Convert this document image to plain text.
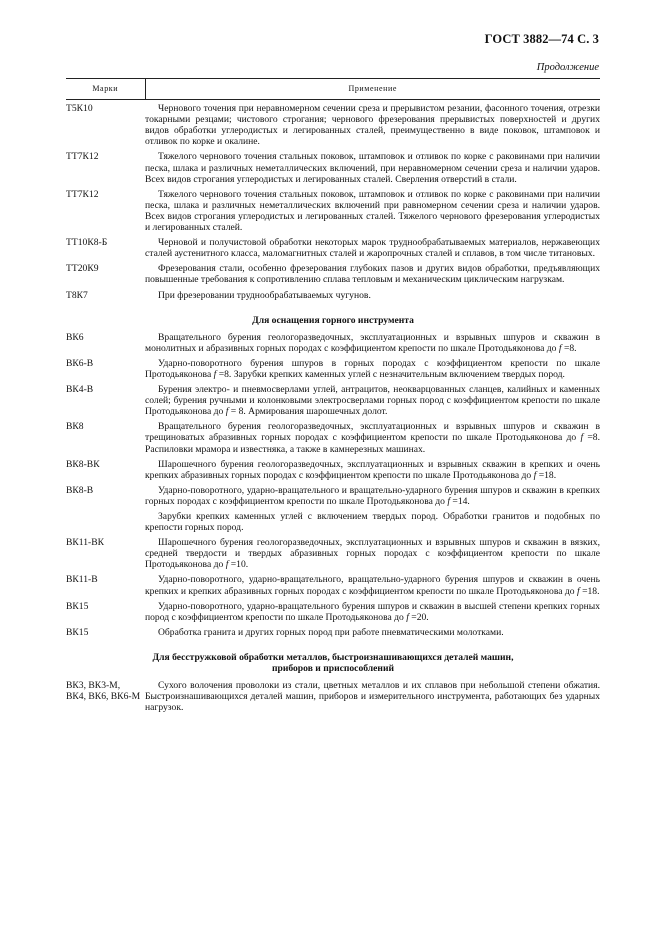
ГОСТ 3882—74 С. 3
Продолжение
Марки	Применение
Т5К10	Чернового точения при неравномерном сечении среза и прерывистом резании, фасонного точения, отрезки токарными резцами; чистового строгания; чернового фрезерования прерывистых поверхностей и других видов обработки углеродистых и легированных сталей, преимущественно в виде поковок, штамповок и отливок по корке и окалине.

ТТ7К12	Тяжелого чернового точения стальных поковок, штамповок и отливок по корке с раковинами при наличии песка, шлака и различных неметаллических включений, при неравномерном сечении среза и наличии ударов. Всех видов строгания углеродистых и легированных сталей. Сверления отверстий в стали.

ТТ7К12	Тяжелого чернового точения стальных поковок, штамповок и отливок по корке с раковинами при наличии песка, шлака и различных неметаллических включений при равномерном сечении среза и наличии ударов. Всех видов строгания углеродистых и легированных сталей. Тяжелого чернового фрезерования углеродистых и легированных сталей.

ТТ10К8-Б	Черновой и получистовой обработки некоторых марок труднообрабатываемых материалов, нержавеющих сталей аустенитного класса, маломагнитных сталей и жаропрочных сталей и сплавов, в том числе титановых.

ТТ20К9	Фрезерования стали, особенно фрезерования глубоких пазов и других видов обработки, предъявляющих повышенные требования к сопротивлению сплава тепловым и механическим циклическим нагрузкам.

Т8К7	При фрезеровании труднообрабатываемых чугунов.

Для оснащения горного инструмента	

ВК6	Вращательного бурения геологоразведочных, эксплуатационных и взрывных шпуров и скважин в монолитных и абразивных горных породах с коэффициентом крепости по шкале Протодьяконова до f =8.

ВК6-В	Ударно-поворотного бурения шпуров в горных породах с коэффициентом крепости по шкале Протодьяконова f =8. Зарубки крепких каменных углей с незначительным включением твердых пород.

ВК4-В	Бурения электро- и пневмосверлами углей, антрацитов, неокварцованных сланцев, калийных и каменных солей; бурения ручными и колонковыми электросверлами горных пород с коэффициентом крепости по шкале Протодьяконова до f = 8. Армирования шарошечных долот.

ВК8	Вращательного бурения геологоразведочных, эксплуатационных и взрывных шпуров и скважин в трещиноватых абразивных горных породах с коэффициентом крепости по шкале Протодьяконова до f =8. Распиловки мрамора и известняка, а также в камнерезных машинах.

ВК8-ВК	Шарошечного бурения геологоразведочных, эксплуатационных и взрывных скважин в крепких и очень крепких абразивных горных породах с коэффициентом крепости по шкале Протодьяконова до f =18.

ВК8-В	Ударно-поворотного, ударно-вращательного и вращательно-ударного бурения шпуров и скважин в крепких горных породах с коэффициентом крепости по шкале Протодьяконова до f =14.

Зарубки крепких каменных углей с включением твердых пород. Обработки гранитов и подобных по крепости горных пород.

ВК11-ВК	Шарошечного бурения геологоразведочных, эксплуатационных и взрывных шпуров и скважин в вязких, средней твердости и твердых абразивных горных породах с коэффициентом крепости по шкале Протодьяконова до f =10.

ВК11-В	Ударно-поворотного, ударно-вращательного, вращательно-ударного бурения шпуров и скважин в очень крепких и крепких абразивных горных породах с коэффициентом крепости по шкале Протодьяконова до f =18.

ВК15	Ударно-поворотного, ударно-вращательного бурения шпуров и скважин в высшей степени крепких горных пород с коэффициентом крепости по шкале Протодьяконова до f =20.

ВК15	Обработка гранита и других горных пород при работе пневматическими молотками.

Для бесстружковой обработки металлов, быстроизнашивающихся деталей машин,
приборов и приспособлений	

ВК3, ВК3-М, ВК4, ВК6, ВК6-М	Сухого волочения проволоки из стали, цветных металлов и их сплавов при небольшой степени обжатия. Быстроизнашивающихся деталей машин, приборов и измерительного инструмента, работающих без ударных нагрузок.
